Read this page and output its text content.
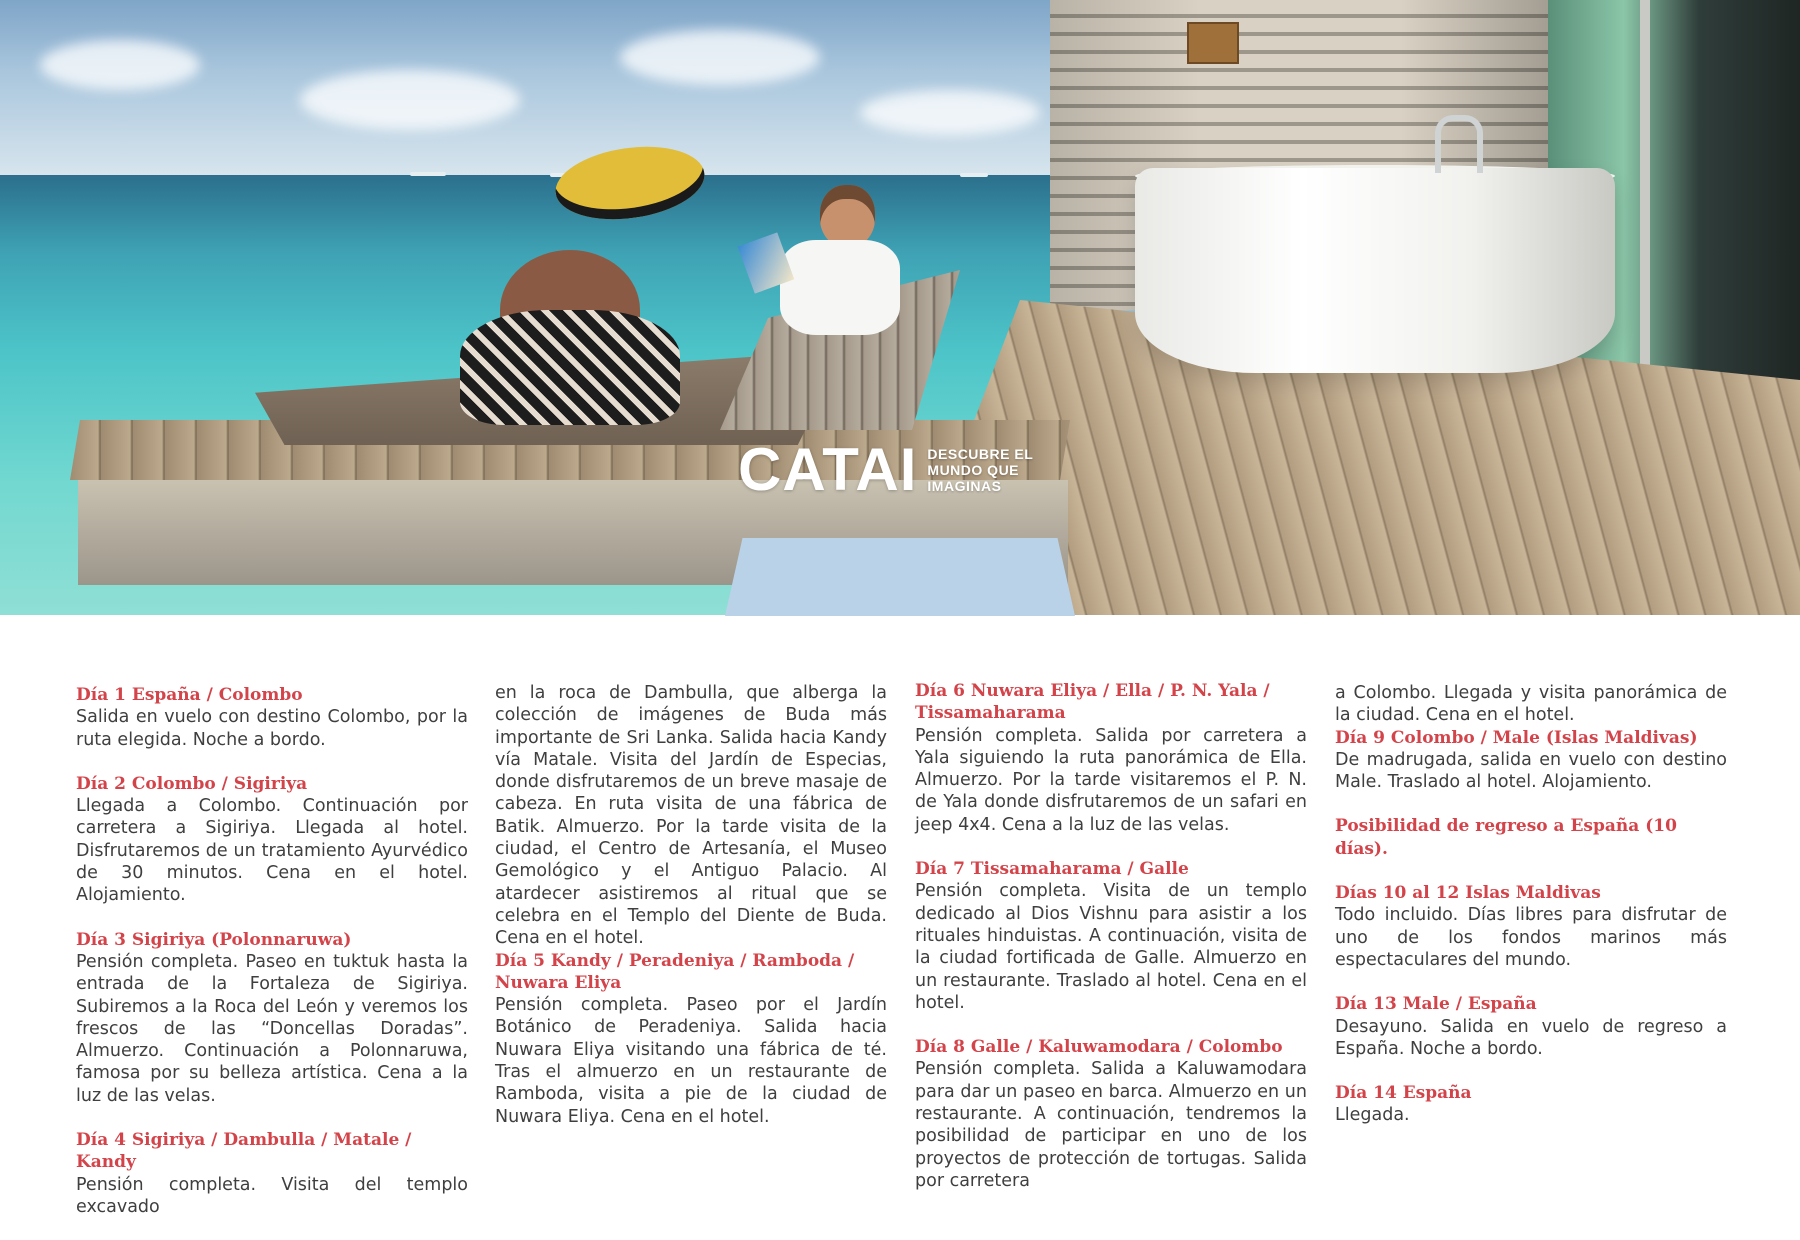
CATAI DESCUBRE EL
MUNDO QUE
IMAGINAS
Día 1 España / Colombo

Salida en vuelo con destino Colombo, por la ruta elegida. Noche a bordo.

Día 2 Colombo / Sigiriya

Llegada a Colombo. Continuación por carretera a Sigiriya. Llegada al hotel. Disfrutaremos de un tratamiento Ayurvédico de 30 minutos. Cena en el hotel. Alojamiento.

Día 3 Sigiriya (Polonnaruwa)

Pensión completa. Paseo en tuktuk hasta la entrada de la Fortaleza de Sigiriya. Subiremos a la Roca del León y veremos los frescos de las “Doncellas Doradas”. Almuerzo. Continuación a Polonnaruwa, famosa por su belleza artística. Cena a la luz de las velas.

Día 4 Sigiriya / Dambulla / Matale / Kandy

Pensión completa. Visita del templo excavado

en la roca de Dambulla, que alberga la colección de imágenes de Buda más importante de Sri Lanka. Salida hacia Kandy vía Matale. Visita del Jardín de Especias, donde disfrutaremos de un breve masaje de cabeza. En ruta visita de una fábrica de Batik. Almuerzo. Por la tarde visita de la ciudad, el Centro de Artesanía, el Museo Gemológico y el Antiguo Palacio. Al atardecer asistiremos al ritual que se celebra en el Templo del Diente de Buda. Cena en el hotel.

Día 5 Kandy / Peradeniya / Ramboda / Nuwara Eliya

Pensión completa. Paseo por el Jardín Botánico de Peradeniya. Salida hacia Nuwara Eliya visitando una fábrica de té. Tras el almuerzo en un restaurante de Ramboda, visita a pie de la ciudad de Nuwara Eliya. Cena en el hotel.

Día 6 Nuwara Eliya / Ella / P. N. Yala / Tissamaharama

Pensión completa. Salida por carretera a Yala siguiendo la ruta panorámica de Ella. Almuerzo. Por la tarde visitaremos el P. N. de Yala donde disfrutaremos de un safari en jeep 4x4. Cena a la luz de las velas.

Día 7 Tissamaharama / Galle

Pensión completa. Visita de un templo dedicado al Dios Vishnu para asistir a los rituales hinduistas. A continuación, visita de la ciudad fortificada de Galle. Almuerzo en un restaurante. Traslado al hotel. Cena en el hotel.

Día 8 Galle / Kaluwamodara / Colombo

Pensión completa. Salida a Kaluwamodara para dar un paseo en barca. Almuerzo en un restaurante. A continuación, tendremos la posibilidad de participar en uno de los proyectos de protección de tortugas. Salida por carretera

a Colombo. Llegada y visita panorámica de la ciudad. Cena en el hotel.

Día 9 Colombo / Male (Islas Maldivas)

De madrugada, salida en vuelo con destino Male. Traslado al hotel. Alojamiento.

Posibilidad de regreso a España (10 días).
Días 10 al 12 Islas Maldivas

Todo incluido. Días libres para disfrutar de uno de los fondos marinos más espectaculares del mundo.

Día 13 Male / España

Desayuno. Salida en vuelo de regreso a España. Noche a bordo.

Día 14 España

Llegada.
